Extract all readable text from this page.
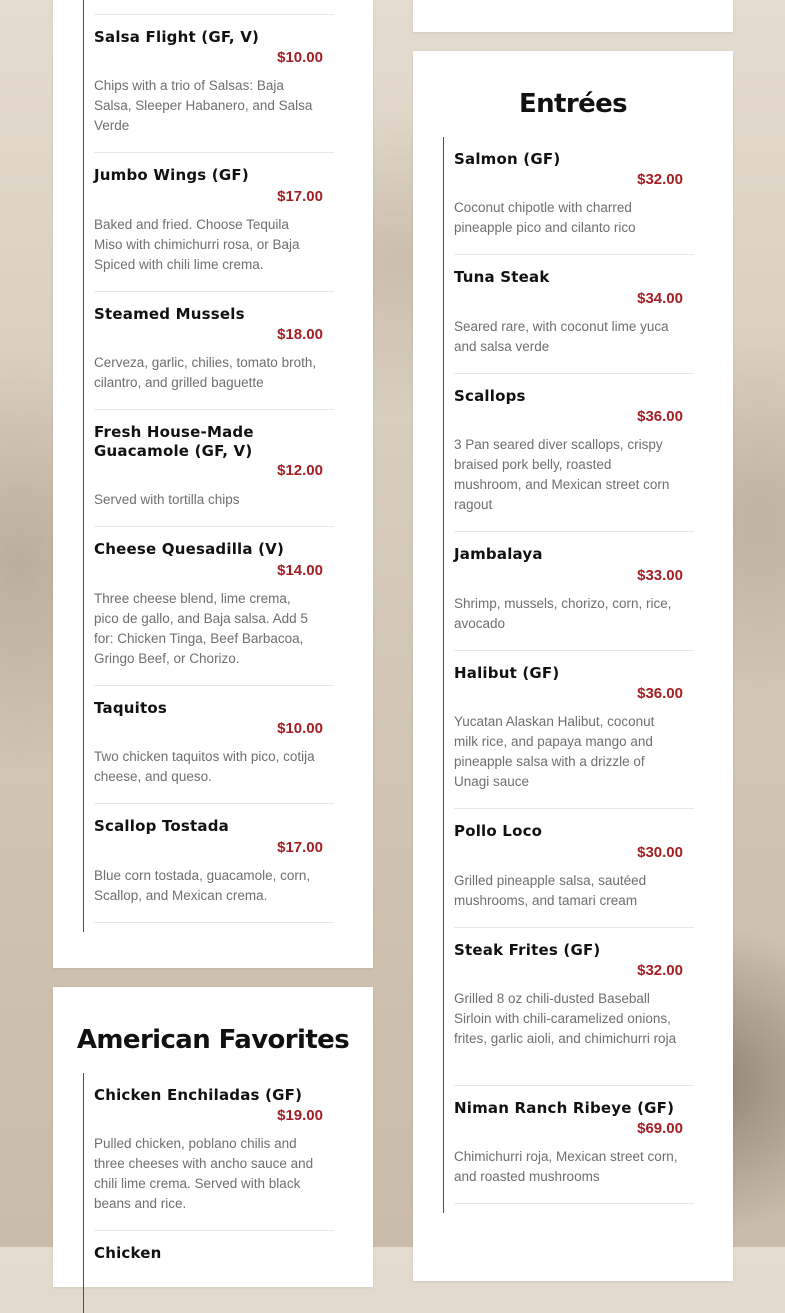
Salsa Flight (GF, V)
$10.00
Chips with a trio of Salsas: Baja Salsa, Sleeper Habanero, and Salsa Verde
Jumbo Wings (GF)
$17.00
Baked and fried. Choose Tequila Miso with chimichurri rosa, or Baja Spiced with chili lime crema.
Steamed Mussels
$18.00
Cerveza, garlic, chilies, tomato broth, cilantro, and grilled baguette
Fresh House-Made Guacamole (GF, V)
$12.00
Served with tortilla chips
Cheese Quesadilla (V)
$14.00
Three cheese blend, lime crema, pico de gallo, and Baja salsa. Add 5 for: Chicken Tinga, Beef Barbacoa, Gringo Beef, or Chorizo.
Taquitos
$10.00
Two chicken taquitos with pico, cotija cheese, and queso.
Scallop Tostada
$17.00
Blue corn tostada, guacamole, corn, Scallop, and Mexican crema.
American Favorites
Chicken Enchiladas (GF)
$19.00
Pulled chicken, poblano chilis and three cheeses with ancho sauce and chili lime crema. Served with black beans and rice.
Chicken
Entrées
Salmon (GF)
$32.00
Coconut chipotle with charred pineapple pico and cilanto rico
Tuna Steak
$34.00
Seared rare, with coconut lime yuca and salsa verde
Scallops
$36.00
3 Pan seared diver scallops, crispy braised pork belly, roasted mushroom, and Mexican street corn ragout
Jambalaya
$33.00
Shrimp, mussels, chorizo, corn, rice, avocado
Halibut (GF)
$36.00
Yucatan Alaskan Halibut, coconut milk rice, and papaya mango and pineapple salsa with a drizzle of Unagi sauce
Pollo Loco
$30.00
Grilled pineapple salsa, sautéed mushrooms, and tamari cream
Steak Frites (GF)
$32.00
Grilled 8 oz chili-dusted Baseball Sirloin with chili-caramelized onions, frites, garlic aioli, and chimichurri roja
Niman Ranch Ribeye (GF)
$69.00
Chimichurri roja, Mexican street corn, and roasted mushrooms
